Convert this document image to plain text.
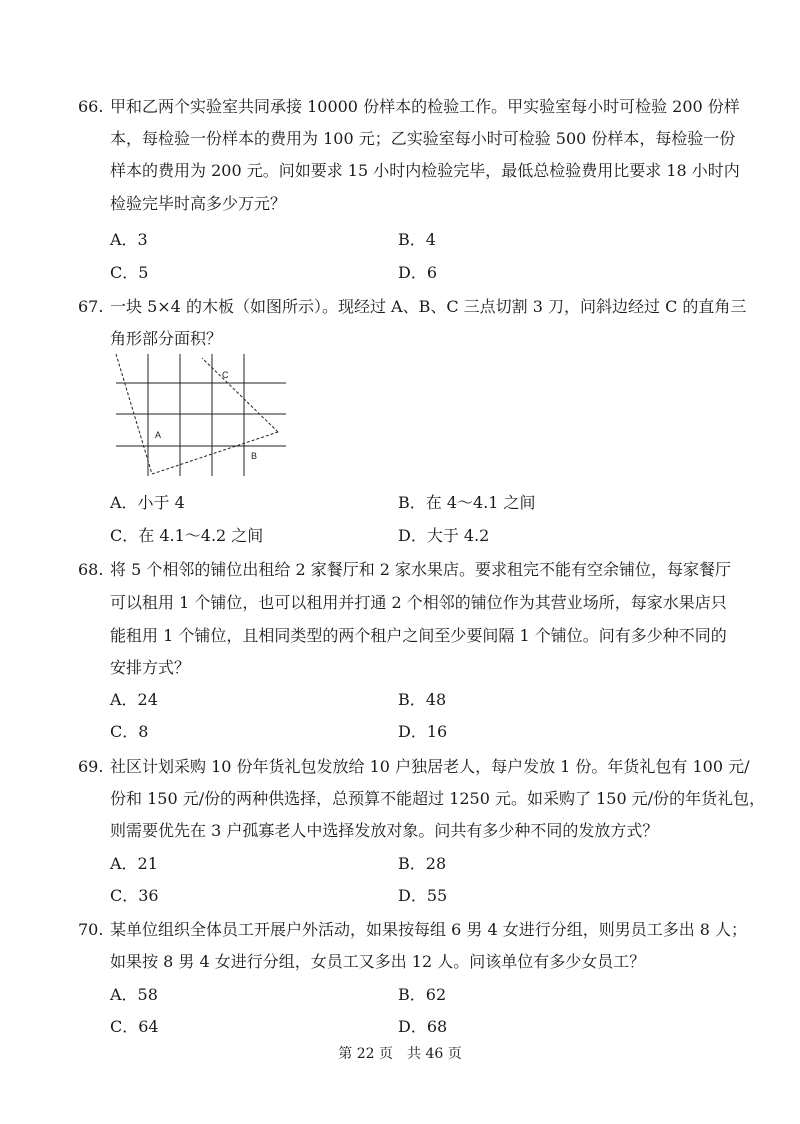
66. 甲和乙两个实验室共同承接 10000 份样本的检验工作。甲实验室每小时可检验 200 份样
本，每检验一份样本的费用为 100 元；乙实验室每小时可检验 500 份样本，每检验一份
样本的费用为 200 元。问如要求 15 小时内检验完毕，最低总检验费用比要求 18 小时内
检验完毕时高多少万元？
A．3	B．4
C．5	D．6
67. 一块 5×4 的木板（如图所示）。现经过 A、B、C 三点切割 3 刀，问斜边经过 C 的直角三
角形部分面积？
C
A
B
A．小于 4	B．在 4～4.1 之间
C．在 4.1～4.2 之间	D．大于 4.2
68. 将 5 个相邻的铺位出租给 2 家餐厅和 2 家水果店。要求租完不能有空余铺位，每家餐厅
可以租用 1 个铺位，也可以租用并打通 2 个相邻的铺位作为其营业场所，每家水果店只
能租用 1 个铺位，且相同类型的两个租户之间至少要间隔 1 个铺位。问有多少种不同的
安排方式？
A．24	B．48
C．8	D．16
69. 社区计划采购 10 份年货礼包发放给 10 户独居老人，每户发放 1 份。年货礼包有 100 元/
份和 150 元/份的两种供选择，总预算不能超过 1250 元。如采购了 150 元/份的年货礼包，
则需要优先在 3 户孤寡老人中选择发放对象。问共有多少种不同的发放方式？
A．21	B．28
C．36	D．55
70. 某单位组织全体员工开展户外活动，如果按每组 6 男 4 女进行分组，则男员工多出 8 人；
如果按 8 男 4 女进行分组，女员工又多出 12 人。问该单位有多少女员工？
A．58	B．62
C．64	D．68
第 22 页　共 46 页
